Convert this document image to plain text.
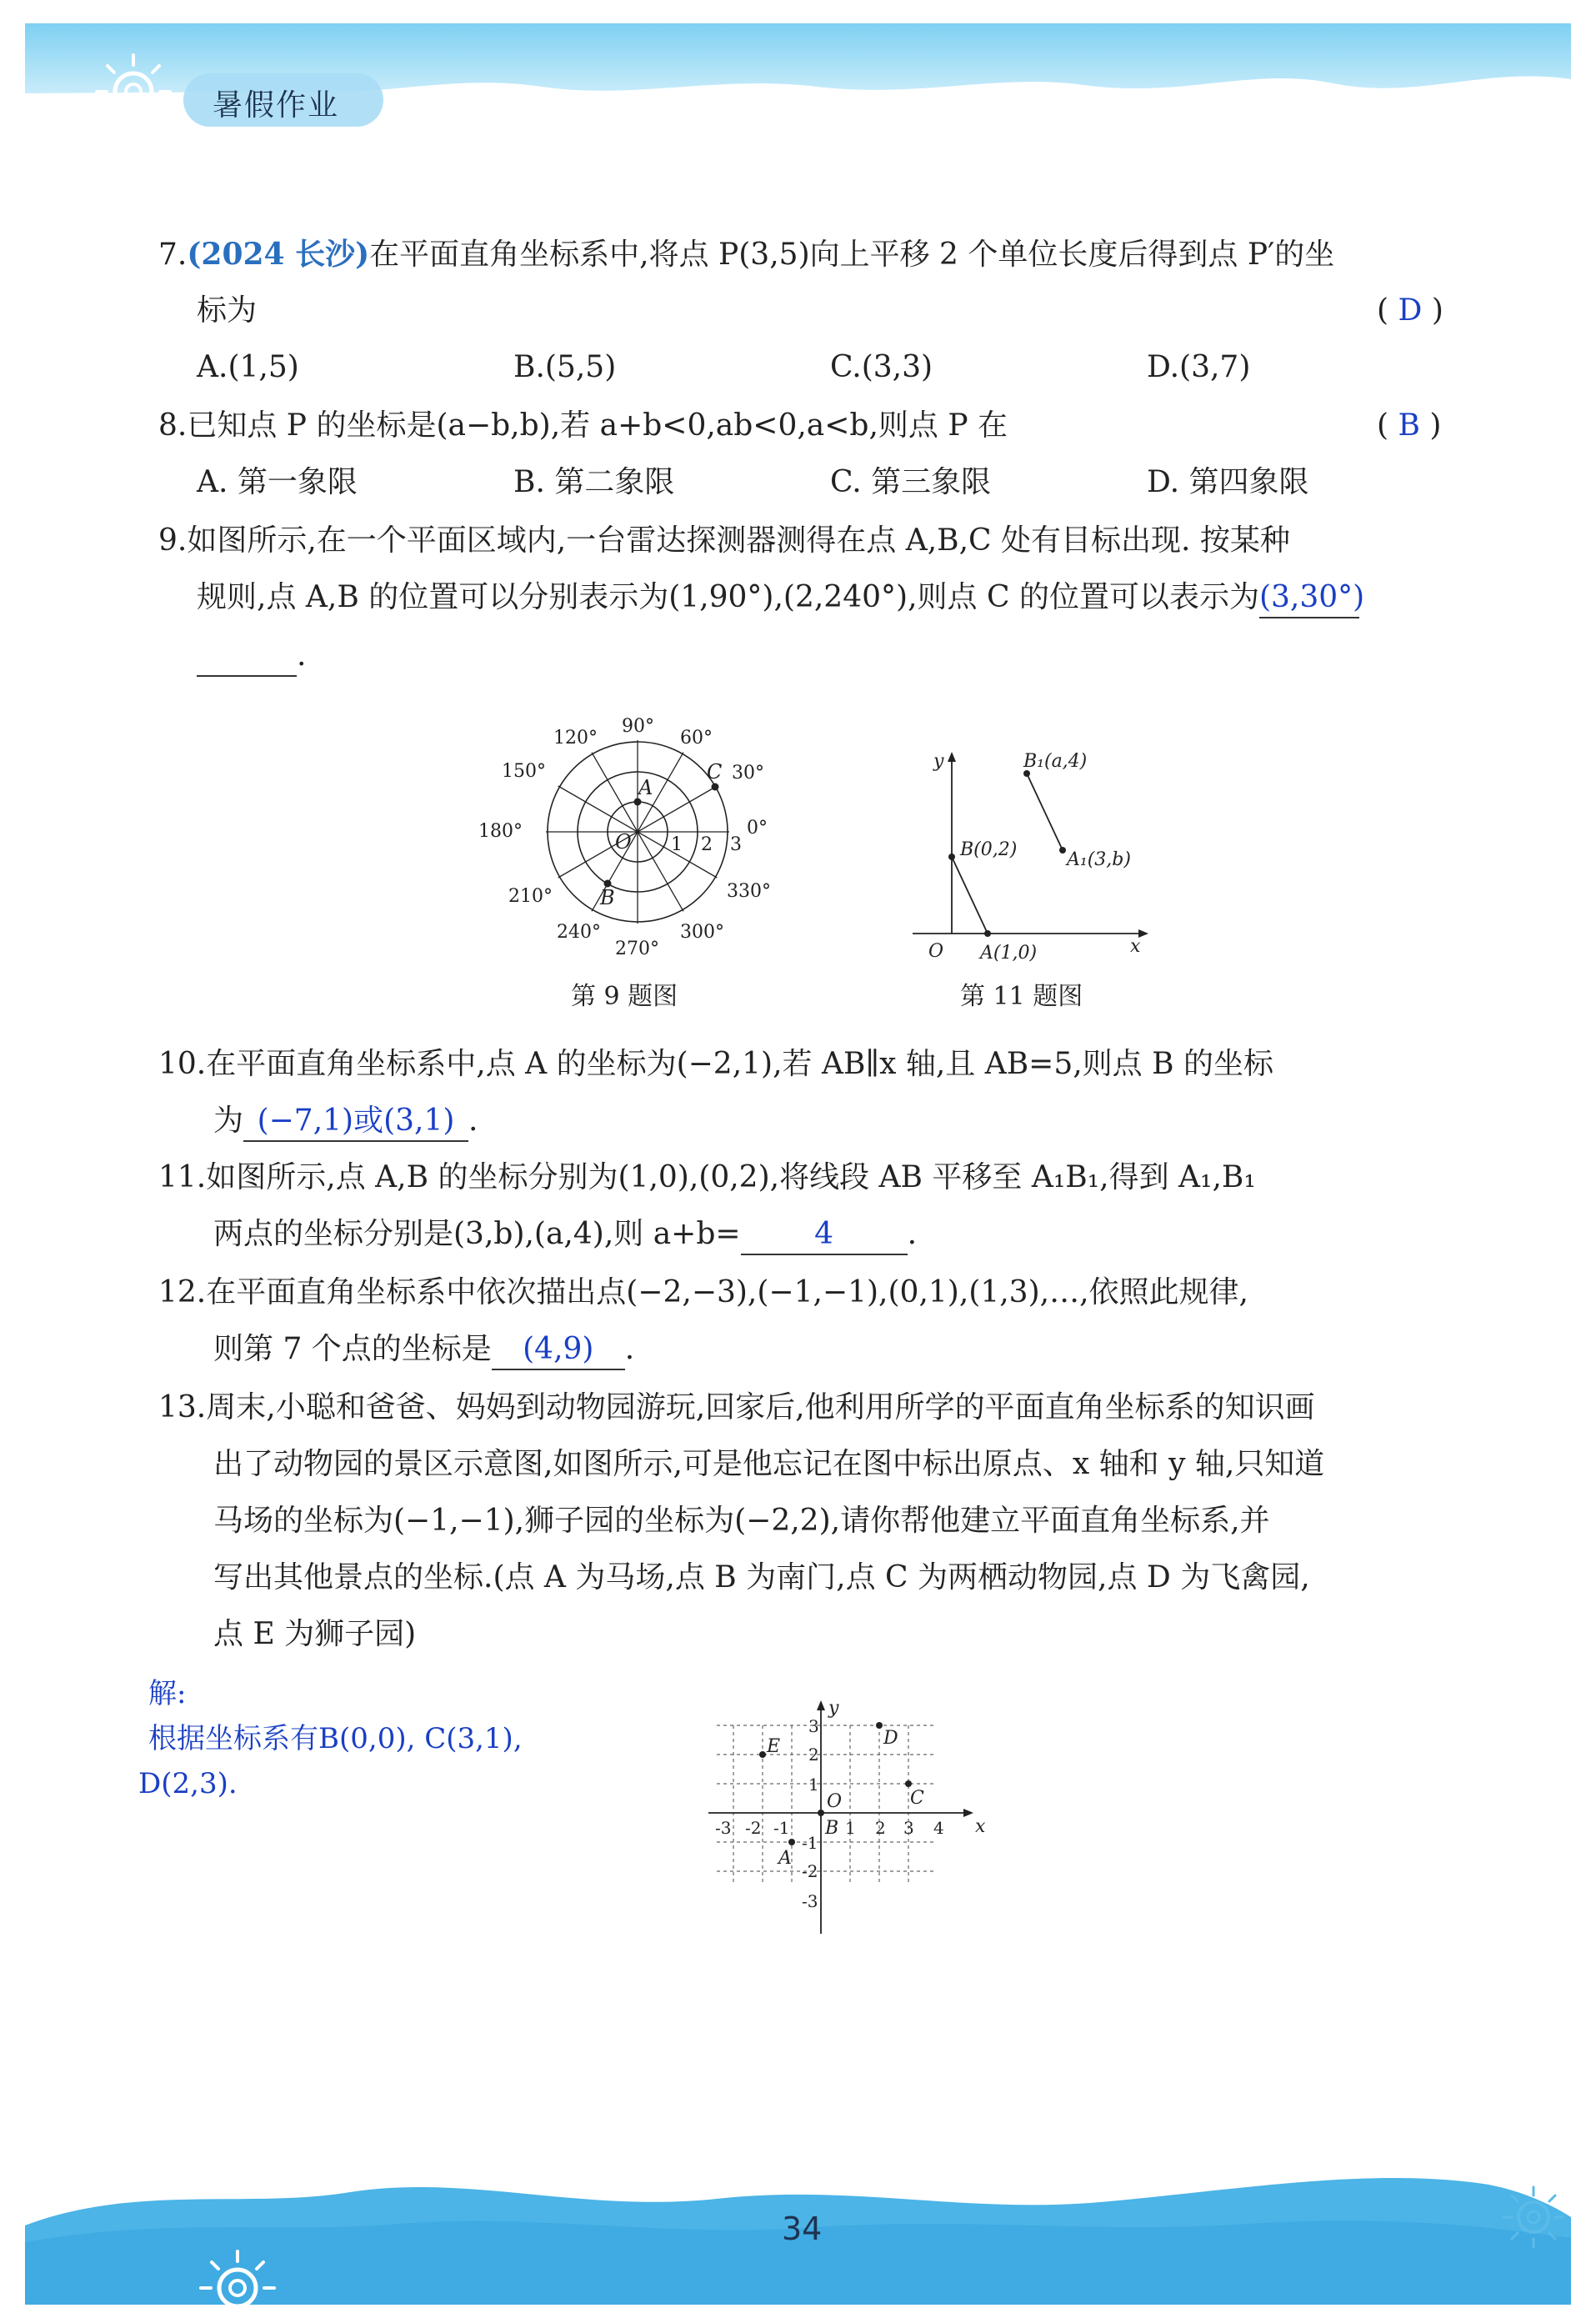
暑假作业
7.(2024 长沙)在平面直角坐标系中,将点 P(3,5)向上平移 2 个单位长度后得到点 P′的坐
标为	( D )
A.(1,5)	B.(5,5)	C.(3,3)	D.(3,7)
8.已知点 P 的坐标是(a−b,b),若 a+b<0,ab<0,a<b,则点 P 在	( B )
A. 第一象限	B. 第二象限	C. 第三象限	D. 第四象限
9.如图所示,在一个平面区域内,一台雷达探测器测得在点 A,B,C 处有目标出现. 按某种
规则,点 A,B 的位置可以分别表示为(1,90°),(2,240°),则点 C 的位置可以表示为(3,30°)
.
A
B
C
O 1 2 3
90°
60°
30°
0°
330°
300°
270°
240°
210°
180°
150°
120°
第 9 题图
y
x
O A(1,0)
B(0,2)	A₁(3,b)
B₁(a,4)
第 11 题图
10.在平面直角坐标系中,点 A 的坐标为(−2,1),若 AB∥x 轴,且 AB=5,则点 B 的坐标
为 (−7,1)或(3,1) .
11.如图所示,点 A,B 的坐标分别为(1,0),(0,2),将线段 AB 平移至 A₁B₁,得到 A₁,B₁
两点的坐标分别是(3,b),(a,4),则 a+b= 4 .
12.在平面直角坐标系中依次描出点(−2,−3),(−1,−1),(0,1),(1,3),…,依照此规律,
则第 7 个点的坐标是 (4,9) .
13.周末,小聪和爸爸、妈妈到动物园游玩,回家后,他利用所学的平面直角坐标系的知识画
出了动物园的景区示意图,如图所示,可是他忘记在图中标出原点、x 轴和 y 轴,只知道
马场的坐标为(−1,−1),狮子园的坐标为(−2,2),请你帮他建立平面直角坐标系,并
写出其他景点的坐标.(点 A 为马场,点 B 为南门,点 C 为两栖动物园,点 D 为飞禽园,
点 E 为狮子园)
解:
根据坐标系有B(0,0), C(3,1),
D(2,3).
E	D
C
A
B
O
y
x
-3 -2 -1	1 2 3 4
3
2
1
-1
-2
-3
34
